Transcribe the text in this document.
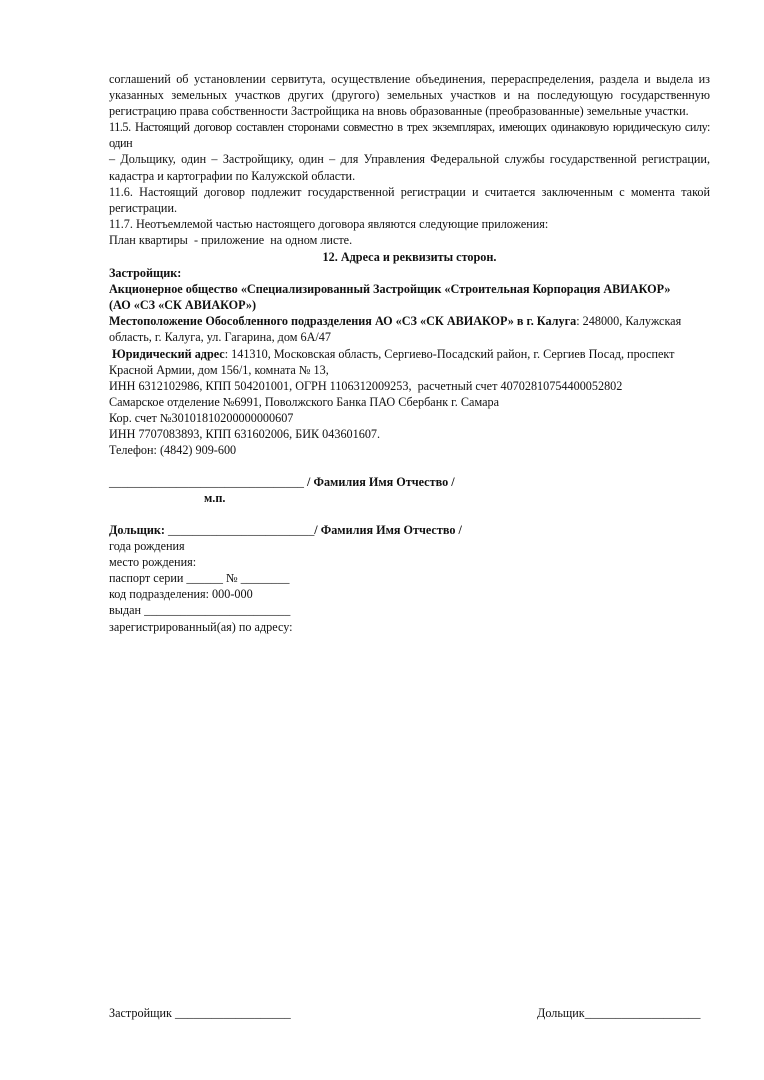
соглашений об установлении сервитута, осуществление объединения, перераспределения, раздела и выдела из
указанных земельных участков других (другого) земельных участков и на последующую государственную
регистрацию права собственности Застройщика на вновь образованные (преобразованные) земельные участки.
11.5. Настоящий договор составлен сторонами совместно в трех экземплярах, имеющих одинаковую юридическую силу: один
– Дольщику, один – Застройщику, один – для Управления Федеральной службы государственной регистрации,
кадастра и картографии по Калужской области.
11.6. Настоящий договор подлежит государственной регистрации и считается заключенным с момента такой
регистрации.
11.7. Неотъемлемой частью настоящего договора являются следующие приложения:
План квартиры  - приложение  на одном листе.
12. Адреса и реквизиты сторон.
Застройщик:
Акционерное общество «Специализированный Застройщик «Строительная Корпорация АВИАКОР»
(АО «СЗ «СК АВИАКОР»)
Местоположение Обособленного подразделения АО «СЗ «СК АВИАКОР» в г. Калуга: 248000, Калужская
область, г. Калуга, ул. Гагарина, дом 6А/47
Юридический адрес: 141310, Московская область, Сергиево-Посадский район, г. Сергиев Посад, проспект
Красной Армии, дом 156/1, комната № 13,
ИНН 6312102986, КПП 504201001, ОГРН 1106312009253,  расчетный счет 40702810754400052802
Самарское отделение №6991, Поволжского Банка ПАО Сбербанк г. Самара
Кор. счет №30101810200000000607
ИНН 7707083893, КПП 631602006, БИК 043601607.
Телефон: (4842) 909-600
________________________________ / Фамилия Имя Отчество /
м.п.
Дольщик: ________________________/ Фамилия Имя Отчество /
года рождения
место рождения:
паспорт серии ______ № ________
код подразделения: 000-000
выдан ________________________
зарегистрированный(ая) по адресу:
Застройщик ___________________	Дольщик___________________
